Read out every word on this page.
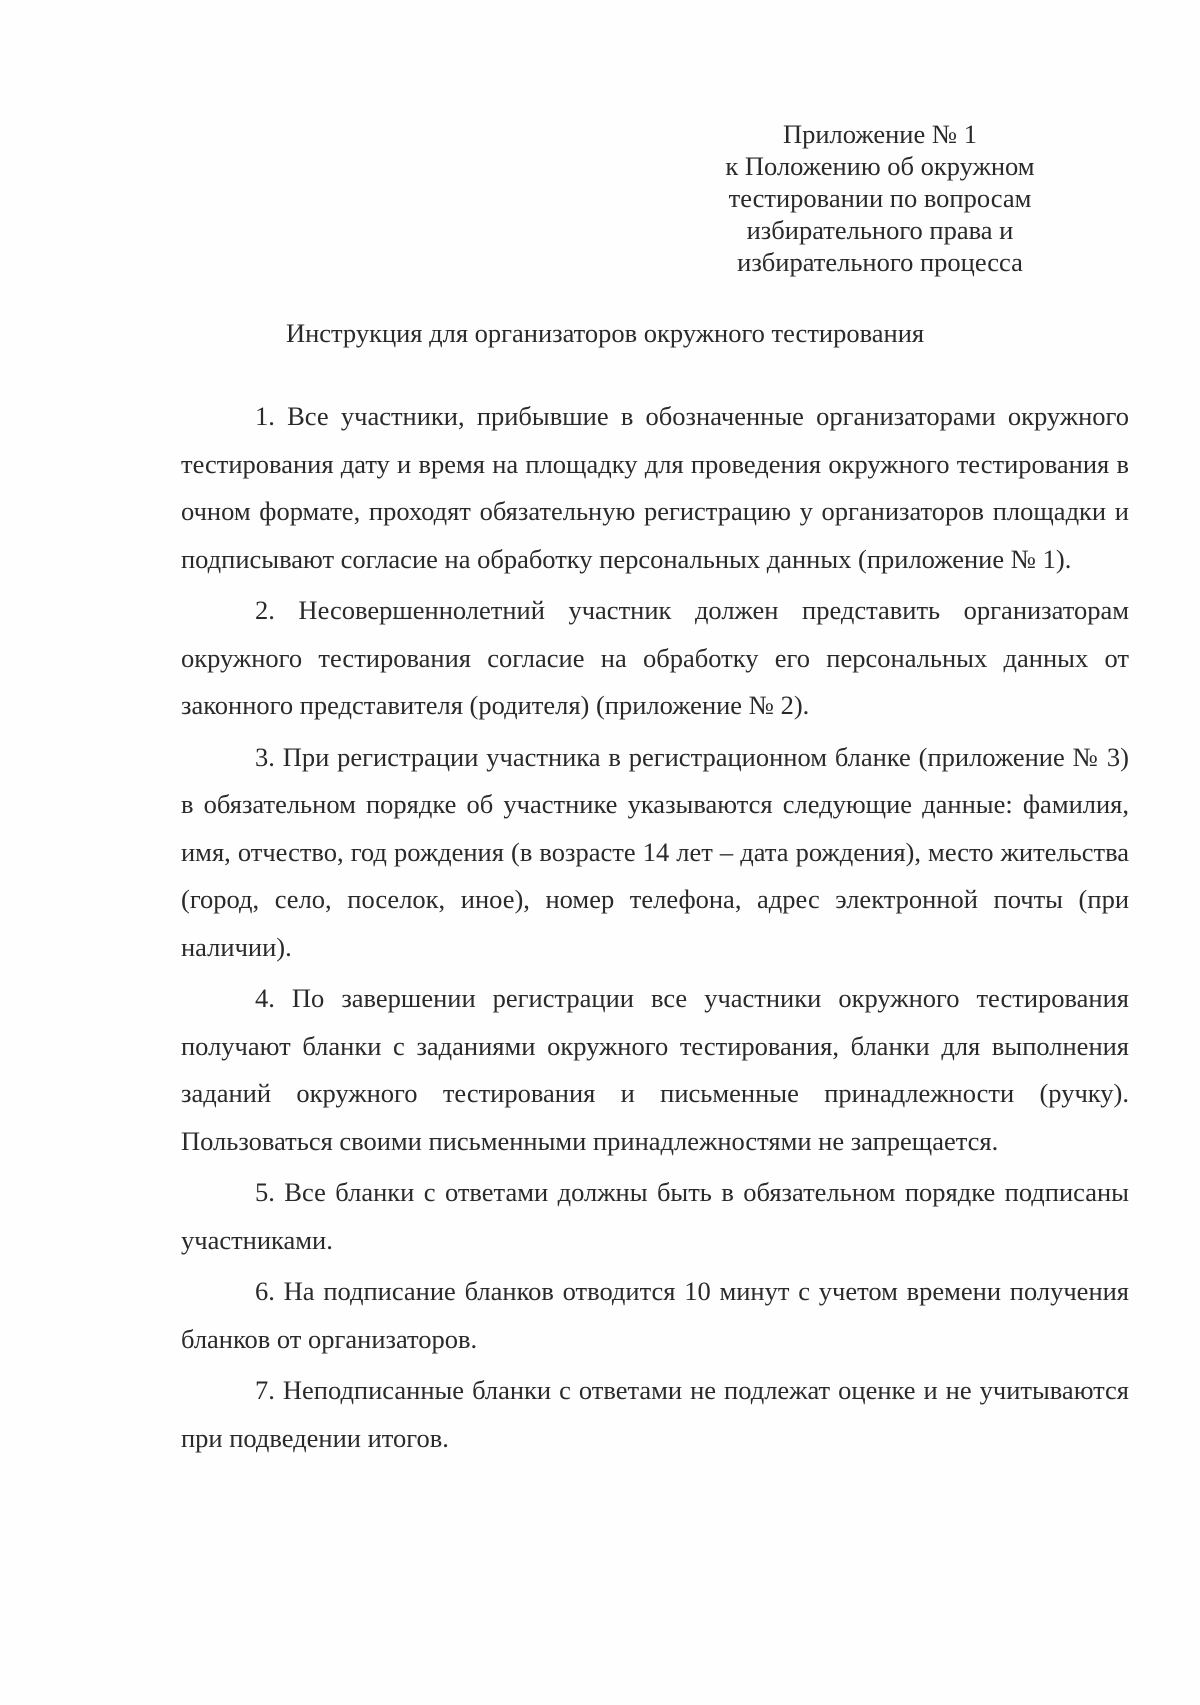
Приложение № 1
к Положению об окружном
тестировании по вопросам
избирательного права и
избирательного процесса
Инструкция для организаторов окружного тестирования

1. Все участники, прибывшие в обозначенные организаторами окружного тестирования дату и время на площадку для проведения окружного тестирования в очном формате, проходят обязательную регистрацию у организаторов площадки и подписывают согласие на обработку персональных данных (приложение № 1).

2. Несовершеннолетний участник должен представить организаторам окружного тестирования согласие на обработку его персональных данных от законного представителя (родителя) (приложение № 2).

3. При регистрации участника в регистрационном бланке (приложение № 3) в обязательном порядке об участнике указываются следующие данные: фамилия, имя, отчество, год рождения (в возрасте 14 лет – дата рождения), место жительства (город, село, поселок, иное), номер телефона, адрес электронной почты (при наличии).

4. По завершении регистрации все участники окружного тестирования получают бланки с заданиями окружного тестирования, бланки для выполнения заданий окружного тестирования и письменные принадлежности (ручку). Пользоваться своими письменными принадлежностями не запрещается.

5. Все бланки с ответами должны быть в обязательном порядке подписаны участниками.

6. На подписание бланков отводится 10 минут с учетом времени получения бланков от организаторов.

7. Неподписанные бланки с ответами не подлежат оценке и не учитываются при подведении итогов.
